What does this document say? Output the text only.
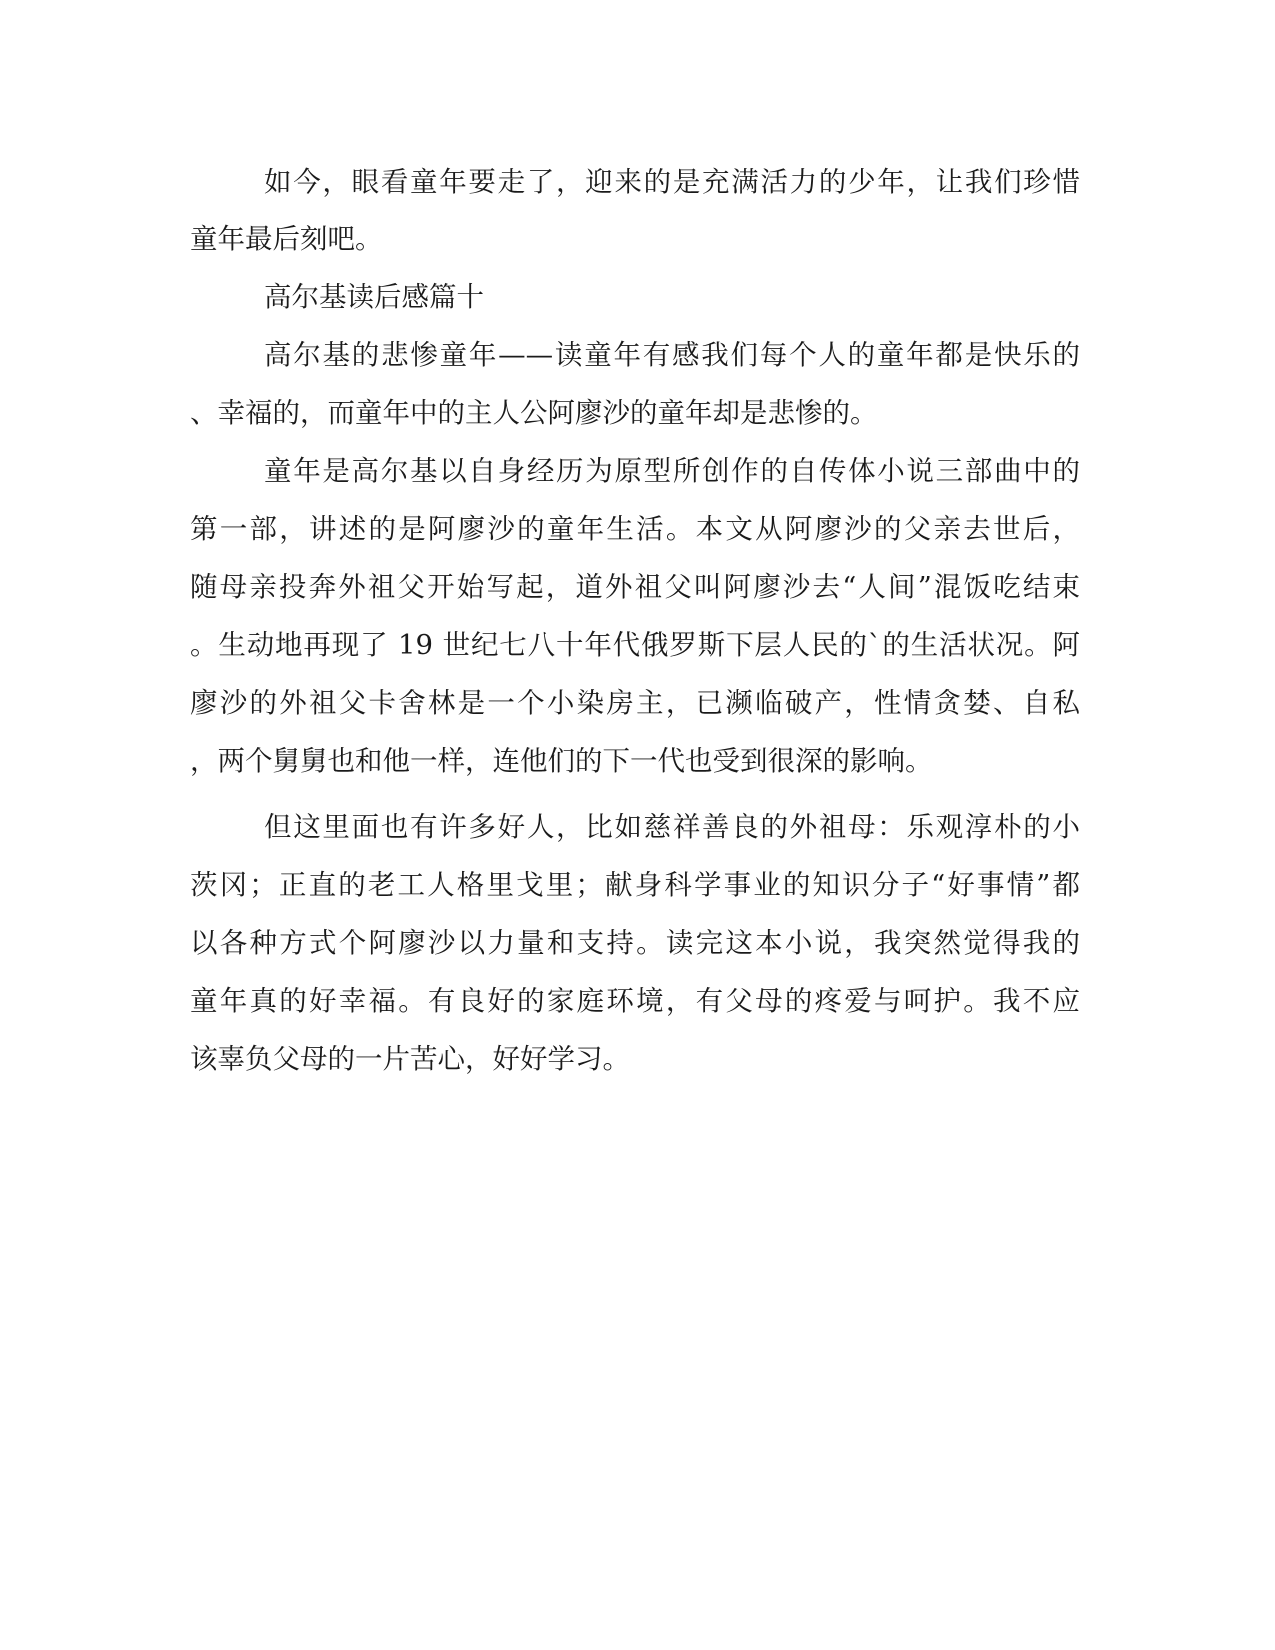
如今，眼看童年要走了，迎来的是充满活力的少年，让我们珍惜
童年最后刻吧。
高尔基读后感篇十
高尔基的悲惨童年——读童年有感我们每个人的童年都是快乐的
、幸福的，而童年中的主人公阿廖沙的童年却是悲惨的。
童年是高尔基以自身经历为原型所创作的自传体小说三部曲中的
第一部，讲述的是阿廖沙的童年生活。本文从阿廖沙的父亲去世后，
随母亲投奔外祖父开始写起，道外祖父叫阿廖沙去“人间”混饭吃结束
。生动地再现了 19 世纪七八十年代俄罗斯下层人民的`的生活状况。阿
廖沙的外祖父卡舍林是一个小染房主，已濒临破产，性情贪婪、自私
，两个舅舅也和他一样，连他们的下一代也受到很深的影响。
但这里面也有许多好人，比如慈祥善良的外祖母：乐观淳朴的小
茨冈；正直的老工人格里戈里；献身科学事业的知识分子“好事情”都
以各种方式个阿廖沙以力量和支持。读完这本小说，我突然觉得我的
童年真的好幸福。有良好的家庭环境，有父母的疼爱与呵护。我不应
该辜负父母的一片苦心，好好学习。
